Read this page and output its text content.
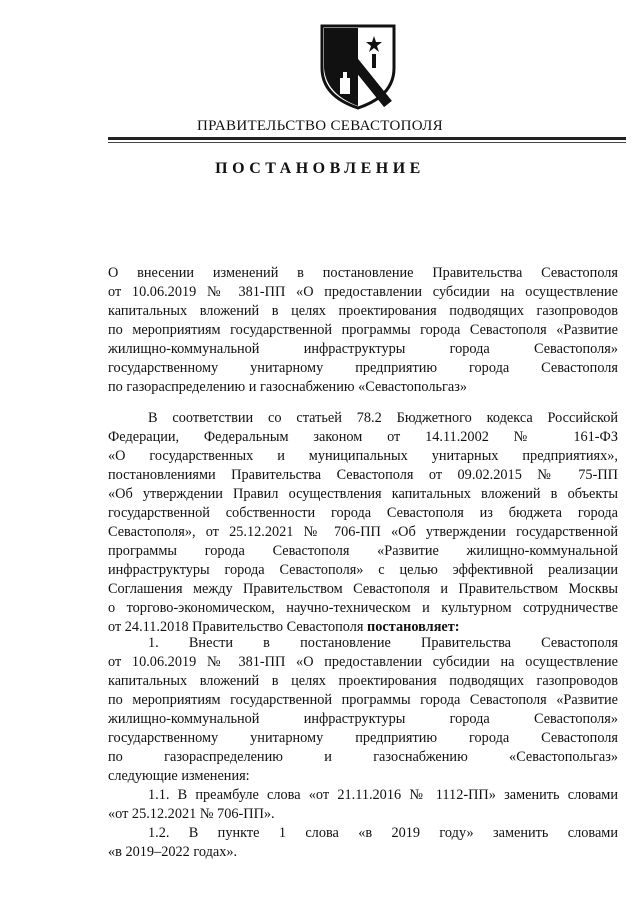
ПРАВИТЕЛЬСТВО СЕВАСТОПОЛЯ
ПОСТАНОВЛЕНИЕ
О внесении изменений в постановление Правительства Севастополя
от 10.06.2019 № 381-ПП «О предоставлении субсидии на осуществление
капитальных вложений в целях проектирования подводящих газопроводов
по мероприятиям государственной программы города Севастополя «Развитие
жилищно-коммунальной инфраструктуры города Севастополя»
государственному унитарному предприятию города Севастополя
по газораспределению и газоснабжению «Севастопольгаз»
В соответствии со статьей 78.2 Бюджетного кодекса Российской
Федерации, Федеральным законом от 14.11.2002 № 161-ФЗ
«О государственных и муниципальных унитарных предприятиях»,
постановлениями Правительства Севастополя от 09.02.2015 № 75-ПП
«Об утверждении Правил осуществления капитальных вложений в объекты
государственной собственности города Севастополя из бюджета города
Севастополя», от 25.12.2021 № 706-ПП «Об утверждении государственной
программы города Севастополя «Развитие жилищно-коммунальной
инфраструктуры города Севастополя» с целью эффективной реализации
Соглашения между Правительством Севастополя и Правительством Москвы
о торгово-экономическом, научно-техническом и культурном сотрудничестве
от 24.11.2018 Правительство Севастополя постановляет:
1. Внести в постановление Правительства Севастополя
от 10.06.2019 № 381-ПП «О предоставлении субсидии на осуществление
капитальных вложений в целях проектирования подводящих газопроводов
по мероприятиям государственной программы города Севастополя «Развитие
жилищно-коммунальной инфраструктуры города Севастополя»
государственному унитарному предприятию города Севастополя
по газораспределению и газоснабжению «Севастопольгаз»
следующие изменения:
1.1. В преамбуле слова «от 21.11.2016 № 1112-ПП» заменить словами
«от 25.12.2021 № 706-ПП».
1.2. В пункте 1 слова «в 2019 году» заменить словами
«в 2019–2022 годах».
